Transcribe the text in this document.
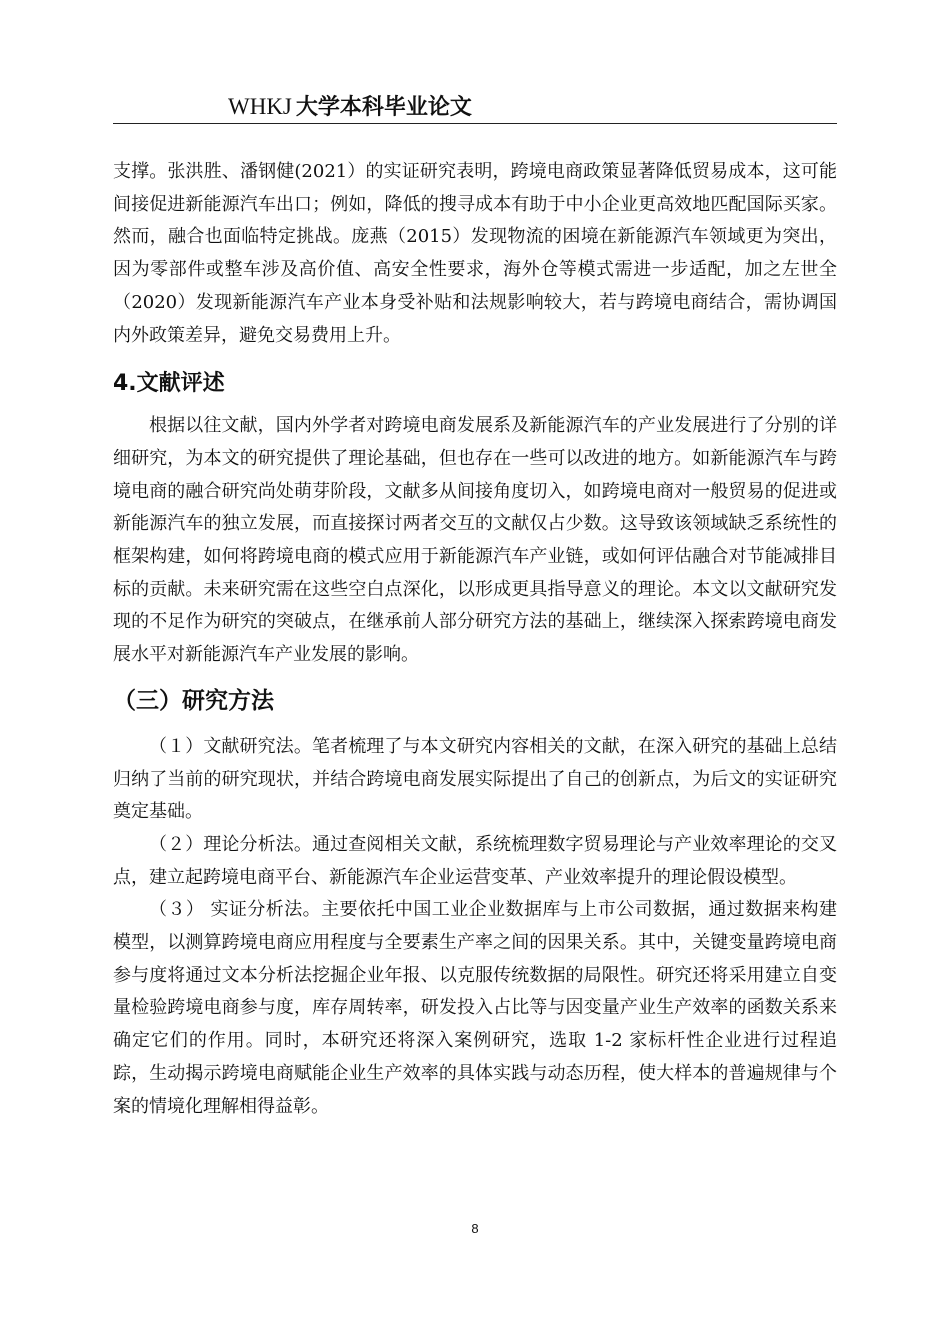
WHKJ 大学本科毕业论文

支撑。张洪胜、潘钢健(2021）的实证研究表明，跨境电商政策显著降低贸易成本，这可能间接促进新能源汽车出口；例如，降低的搜寻成本有助于中小企业更高效地匹配国际买家。然而，融合也面临特定挑战。庞燕（2015）发现物流的困境在新能源汽车领域更为突出，因为零部件或整车涉及高价值、高安全性要求，海外仓等模式需进一步适配，加之左世全（2020）发现新能源汽车产业本身受补贴和法规影响较大，若与跨境电商结合，需协调国内外政策差异，避免交易费用上升。

4.文献评述

根据以往文献，国内外学者对跨境电商发展系及新能源汽车的产业发展进行了分别的详细研究，为本文的研究提供了理论基础，但也存在一些可以改进的地方。如新能源汽车与跨境电商的融合研究尚处萌芽阶段，文献多从间接角度切入，如跨境电商对一般贸易的促进或新能源汽车的独立发展，而直接探讨两者交互的文献仅占少数。这导致该领域缺乏系统性的框架构建，如何将跨境电商的模式应用于新能源汽车产业链，或如何评估融合对节能减排目标的贡献。未来研究需在这些空白点深化，以形成更具指导意义的理论。本文以文献研究发现的不足作为研究的突破点，在继承前人部分研究方法的基础上，继续深入探索跨境电商发展水平对新能源汽车产业发展的影响。

（三）研究方法

（１）文献研究法。笔者梳理了与本文研究内容相关的文献，在深入研究的基础上总结归纳了当前的研究现状，并结合跨境电商发展实际提出了自己的创新点，为后文的实证研究奠定基础。

（２）理论分析法。通过查阅相关文献，系统梳理数字贸易理论与产业效率理论的交叉点，建立起跨境电商平台、新能源汽车企业运营变革、产业效率提升的理论假设模型。

（３） 实证分析法。主要依托中国工业企业数据库与上市公司数据，通过数据来构建模型，以测算跨境电商应用程度与全要素生产率之间的因果关系。其中，关键变量跨境电商参与度将通过文本分析法挖掘企业年报、以克服传统数据的局限性。研究还将采用建立自变量检验跨境电商参与度，库存周转率，研发投入占比等与因变量产业生产效率的函数关系来确定它们的作用。同时，本研究还将深入案例研究，选取 1-2 家标杆性企业进行过程追踪，生动揭示跨境电商赋能企业生产效率的具体实践与动态历程，使大样本的普遍规律与个案的情境化理解相得益彰。

8
